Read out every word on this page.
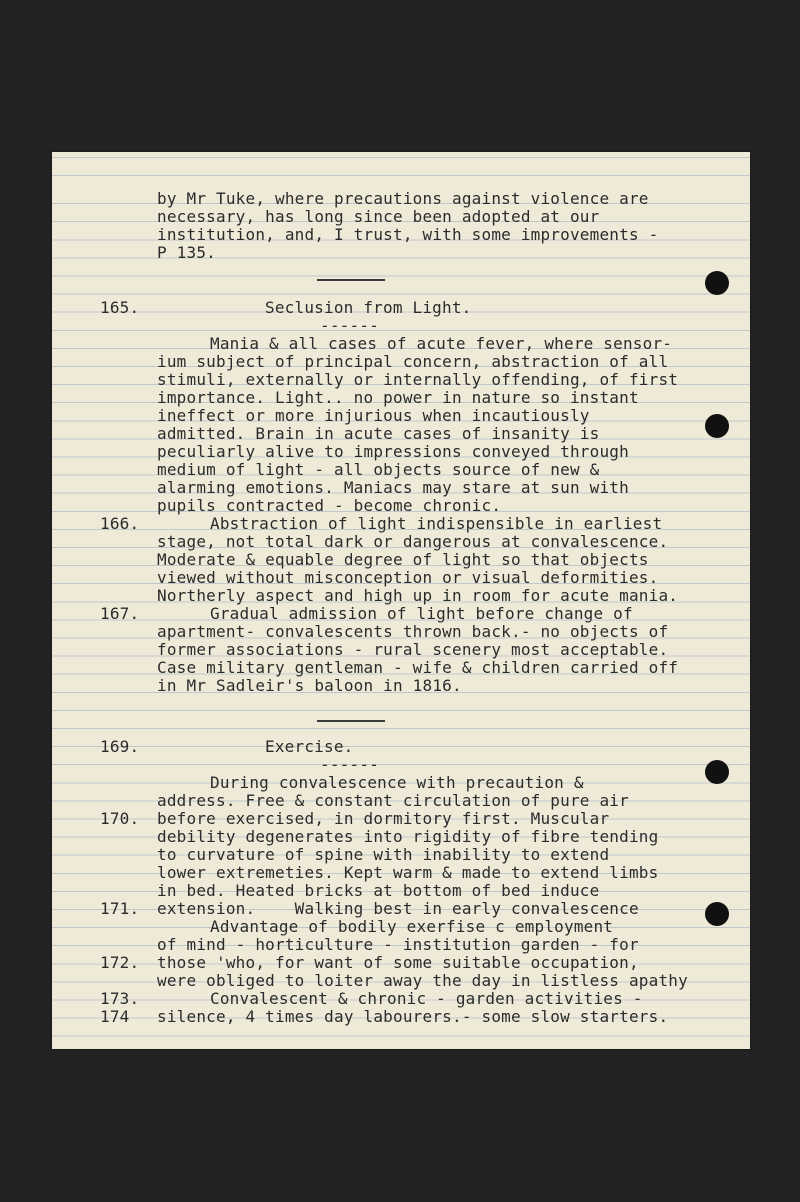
by Mr Tuke, where precautions against violence are
necessary, has long since been adopted at our
institution, and, I trust, with some improvements -
P 135.
165.	Seclusion from Light.
------
Mania & all cases of acute fever, where sensor-
ium subject of principal concern, abstraction of all
stimuli, externally or internally offending, of first
importance. Light.. no power in nature so instant
ineffect or more injurious when incautiously
admitted. Brain in acute cases of insanity is
peculiarly alive to impressions conveyed through
medium of light - all objects source of new &
alarming emotions. Maniacs may stare at sun with
pupils contracted - become chronic.
166.	Abstraction of light indispensible in earliest
stage, not total dark or dangerous at convalescence.
Moderate & equable degree of light so that objects
viewed without misconception or visual deformities.
Northerly aspect and high up in room for acute mania.
167.	Gradual admission of light before change of
apartment- convalescents thrown back.- no objects of
former associations - rural scenery most acceptable.
Case military gentleman - wife & children carried off
in Mr Sadleir's baloon in 1816.
169.	Exercise.
------
During convalescence with precaution &
address. Free & constant circulation of pure air
170. before exercised, in dormitory first. Muscular
debility degenerates into rigidity of fibre tending
to curvature of spine with inability to extend
lower extremeties. Kept warm & made to extend limbs
in bed. Heated bricks at bottom of bed induce
171. extension.    Walking best in early convalescence
Advantage of bodily exerfise c employment
of mind - horticulture - institution garden - for
172. those 'who, for want of some suitable occupation,
were obliged to loiter away the day in listless apathy
173.	Convalescent & chronic - garden activities -
174 silence, 4 times day labourers.- some slow starters.
